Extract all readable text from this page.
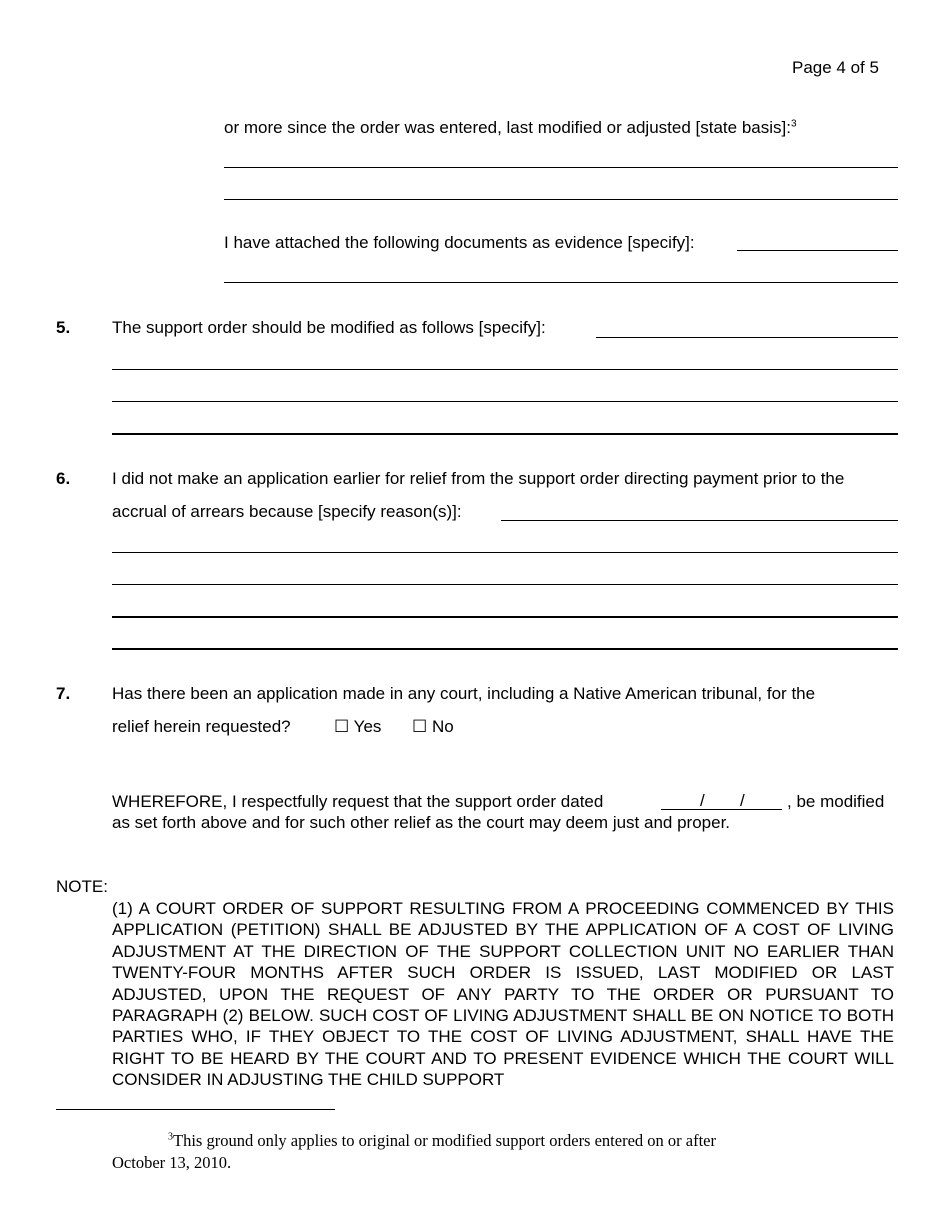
Page 4 of 5
or more since the order was entered, last modified or adjusted [state basis]:$^3$
I have attached the following documents as evidence [specify]:
5. The support order should be modified as follows [specify]:
6. I did not make an application earlier for relief from the support order directing payment prior to the
accrual of arrears because [specify reason(s)]:
7. Has there been an application made in any court, including a Native American tribunal, for the
relief herein requested?	☐ Yes ☐ No
WHEREFORE, I respectfully request that the support order dated	/ / , be modified
as set forth above and for such other relief as the court may deem just and proper.
NOTE:
(1) A COURT ORDER OF SUPPORT RESULTING FROM A PROCEEDING COMMENCED BY THIS APPLICATION (PETITION) SHALL BE ADJUSTED BY THE APPLICATION OF A COST OF LIVING ADJUSTMENT AT THE DIRECTION OF THE SUPPORT COLLECTION UNIT NO EARLIER THAN TWENTY-FOUR MONTHS AFTER SUCH ORDER IS ISSUED, LAST MODIFIED OR LAST ADJUSTED, UPON THE REQUEST OF ANY PARTY TO THE ORDER OR PURSUANT TO PARAGRAPH (2) BELOW. SUCH COST OF LIVING ADJUSTMENT SHALL BE ON NOTICE TO BOTH PARTIES WHO, IF THEY OBJECT TO THE COST OF LIVING ADJUSTMENT, SHALL HAVE THE RIGHT TO BE HEARD BY THE COURT AND TO PRESENT EVIDENCE WHICH THE COURT WILL CONSIDER IN ADJUSTING THE CHILD SUPPORT
$^3$This ground only applies to original or modified support orders entered on or after
October 13, 2010.
